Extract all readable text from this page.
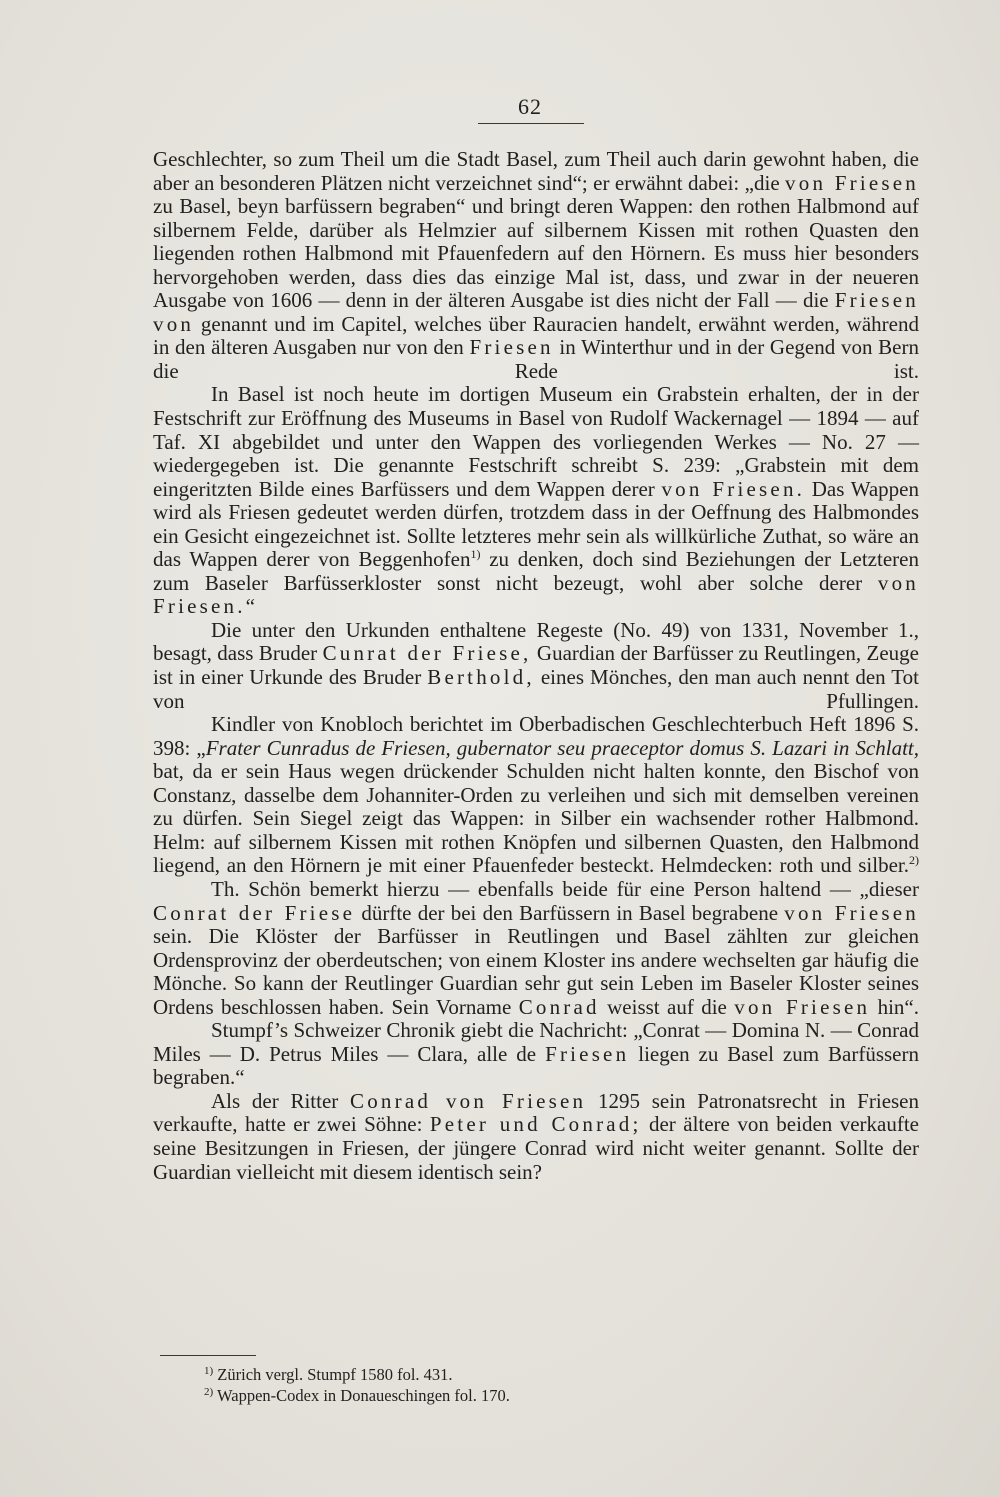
62

Geschlechter, so zum Theil um die Stadt Basel, zum Theil auch darin gewohnt haben, die aber an besonderen Plätzen nicht verzeichnet sind“; er erwähnt dabei: „die von Friesen zu Basel, beyn barfüssern begraben“ und bringt deren Wappen: den rothen Halbmond auf silbernem Felde, darüber als Helmzier auf silbernem Kissen mit rothen Quasten den liegenden rothen Halbmond mit Pfauenfedern auf den Hörnern. Es muss hier besonders hervorgehoben werden, dass dies das einzige Mal ist, dass, und zwar in der neueren Ausgabe von 1606 — denn in der älteren Ausgabe ist dies nicht der Fall — die Friesen von genannt und im Capitel, welches über Rauracien handelt, erwähnt werden, während in den älteren Ausgaben nur von den Friesen in Winterthur und in der Gegend von Bern die Rede ist.

In Basel ist noch heute im dortigen Museum ein Grabstein erhalten, der in der Festschrift zur Eröffnung des Museums in Basel von Rudolf Wackernagel — 1894 — auf Taf. XI abgebildet und unter den Wappen des vorliegenden Werkes — No. 27 — wiedergegeben ist. Die genannte Festschrift schreibt S. 239: „Grabstein mit dem eingeritzten Bilde eines Barfüssers und dem Wappen derer von Friesen. Das Wappen wird als Friesen gedeutet werden dürfen, trotzdem dass in der Oeffnung des Halbmondes ein Gesicht eingezeichnet ist. Sollte letzteres mehr sein als willkürliche Zuthat, so wäre an das Wappen derer von Beggenhofen$^{1)}$ zu denken, doch sind Beziehungen der Letzteren zum Baseler Barfüsserkloster sonst nicht bezeugt, wohl aber solche derer von Friesen.“

Die unter den Urkunden enthaltene Regeste (No. 49) von 1331, November 1., besagt, dass Bruder Cunrat der Friese, Guardian der Barfüsser zu Reutlingen, Zeuge ist in einer Urkunde des Bruder Berthold, eines Mönches, den man auch nennt den Tot von Pfullingen.

Kindler von Knobloch berichtet im Oberbadischen Geschlechterbuch Heft 1896 S. 398: „Frater Cunradus de Friesen, gubernator seu praeceptor domus S. Lazari in Schlatt, bat, da er sein Haus wegen drückender Schulden nicht halten konnte, den Bischof von Constanz, dasselbe dem Johanniter-Orden zu verleihen und sich mit demselben vereinen zu dürfen. Sein Siegel zeigt das Wappen: in Silber ein wachsender rother Halbmond. Helm: auf silbernem Kissen mit rothen Knöpfen und silbernen Quasten, den Halbmond liegend, an den Hörnern je mit einer Pfauenfeder besteckt. Helmdecken: roth und silber.$^{2)}$

Th. Schön bemerkt hierzu — ebenfalls beide für eine Person haltend — „dieser Conrat der Friese dürfte der bei den Barfüssern in Basel begrabene von Friesen sein. Die Klöster der Barfüsser in Reutlingen und Basel zählten zur gleichen Ordensprovinz der oberdeutschen; von einem Kloster ins andere wechselten gar häufig die Mönche. So kann der Reutlinger Guardian sehr gut sein Leben im Baseler Kloster seines Ordens beschlossen haben. Sein Vorname Conrad weisst auf die von Friesen hin“.

Stumpf’s Schweizer Chronik giebt die Nachricht: „Conrat — Domina N. — Conrad Miles — D. Petrus Miles — Clara, alle de Friesen liegen zu Basel zum Barfüssern begraben.“

Als der Ritter Conrad von Friesen 1295 sein Patronatsrecht in Friesen verkaufte, hatte er zwei Söhne: Peter und Conrad; der ältere von beiden verkaufte seine Besitzungen in Friesen, der jüngere Conrad wird nicht weiter genannt. Sollte der Guardian vielleicht mit diesem identisch sein?

$^{1)}$ Zürich vergl. Stumpf 1580 fol. 431.

$^{2)}$ Wappen-Codex in Donaueschingen fol. 170.
